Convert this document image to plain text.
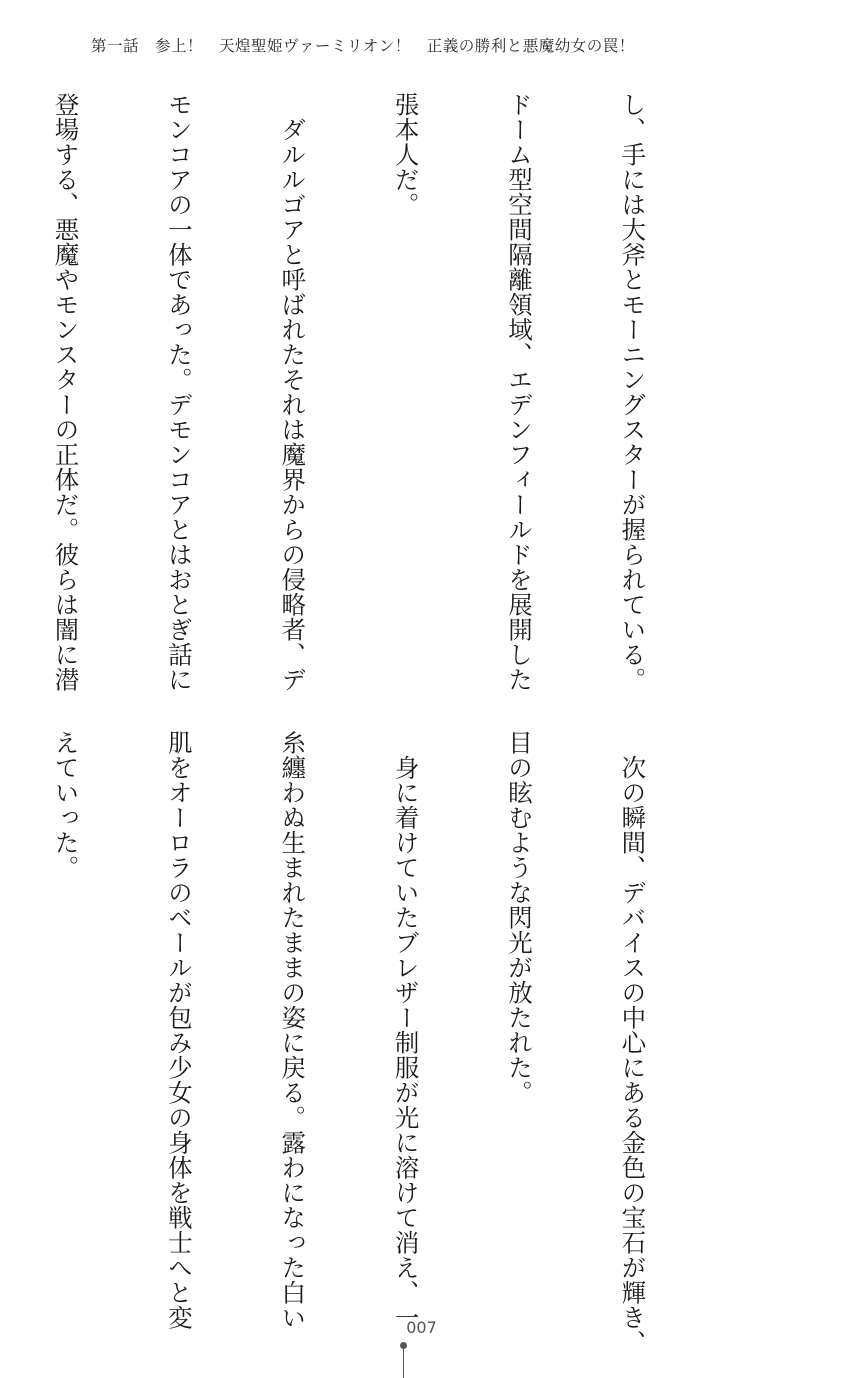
第一話　参上！　天煌聖姫ヴァーミリオン！　正義の勝利と悪魔幼女の罠！

し、手には大斧とモーニングスターが握られている。

ドーム型空間隔離領域、エデンフィールドを展開した

張本人だ。

　ダルルゴアと呼ばれたそれは魔界からの侵略者、デ

モンコアの一体であった。デモンコアとはおとぎ話に

登場する、悪魔やモンスターの正体だ。彼らは闇に潜

　次の瞬間、デバイスの中心にある金色の宝石が輝き、

目の眩むような閃光が放たれた。

　身に着けていたブレザー制服が光に溶けて消え、一

糸纏わぬ生まれたままの姿に戻る。露わになった白い

肌をオーロラのベールが包み少女の身体を戦士へと変

えていった。

007
